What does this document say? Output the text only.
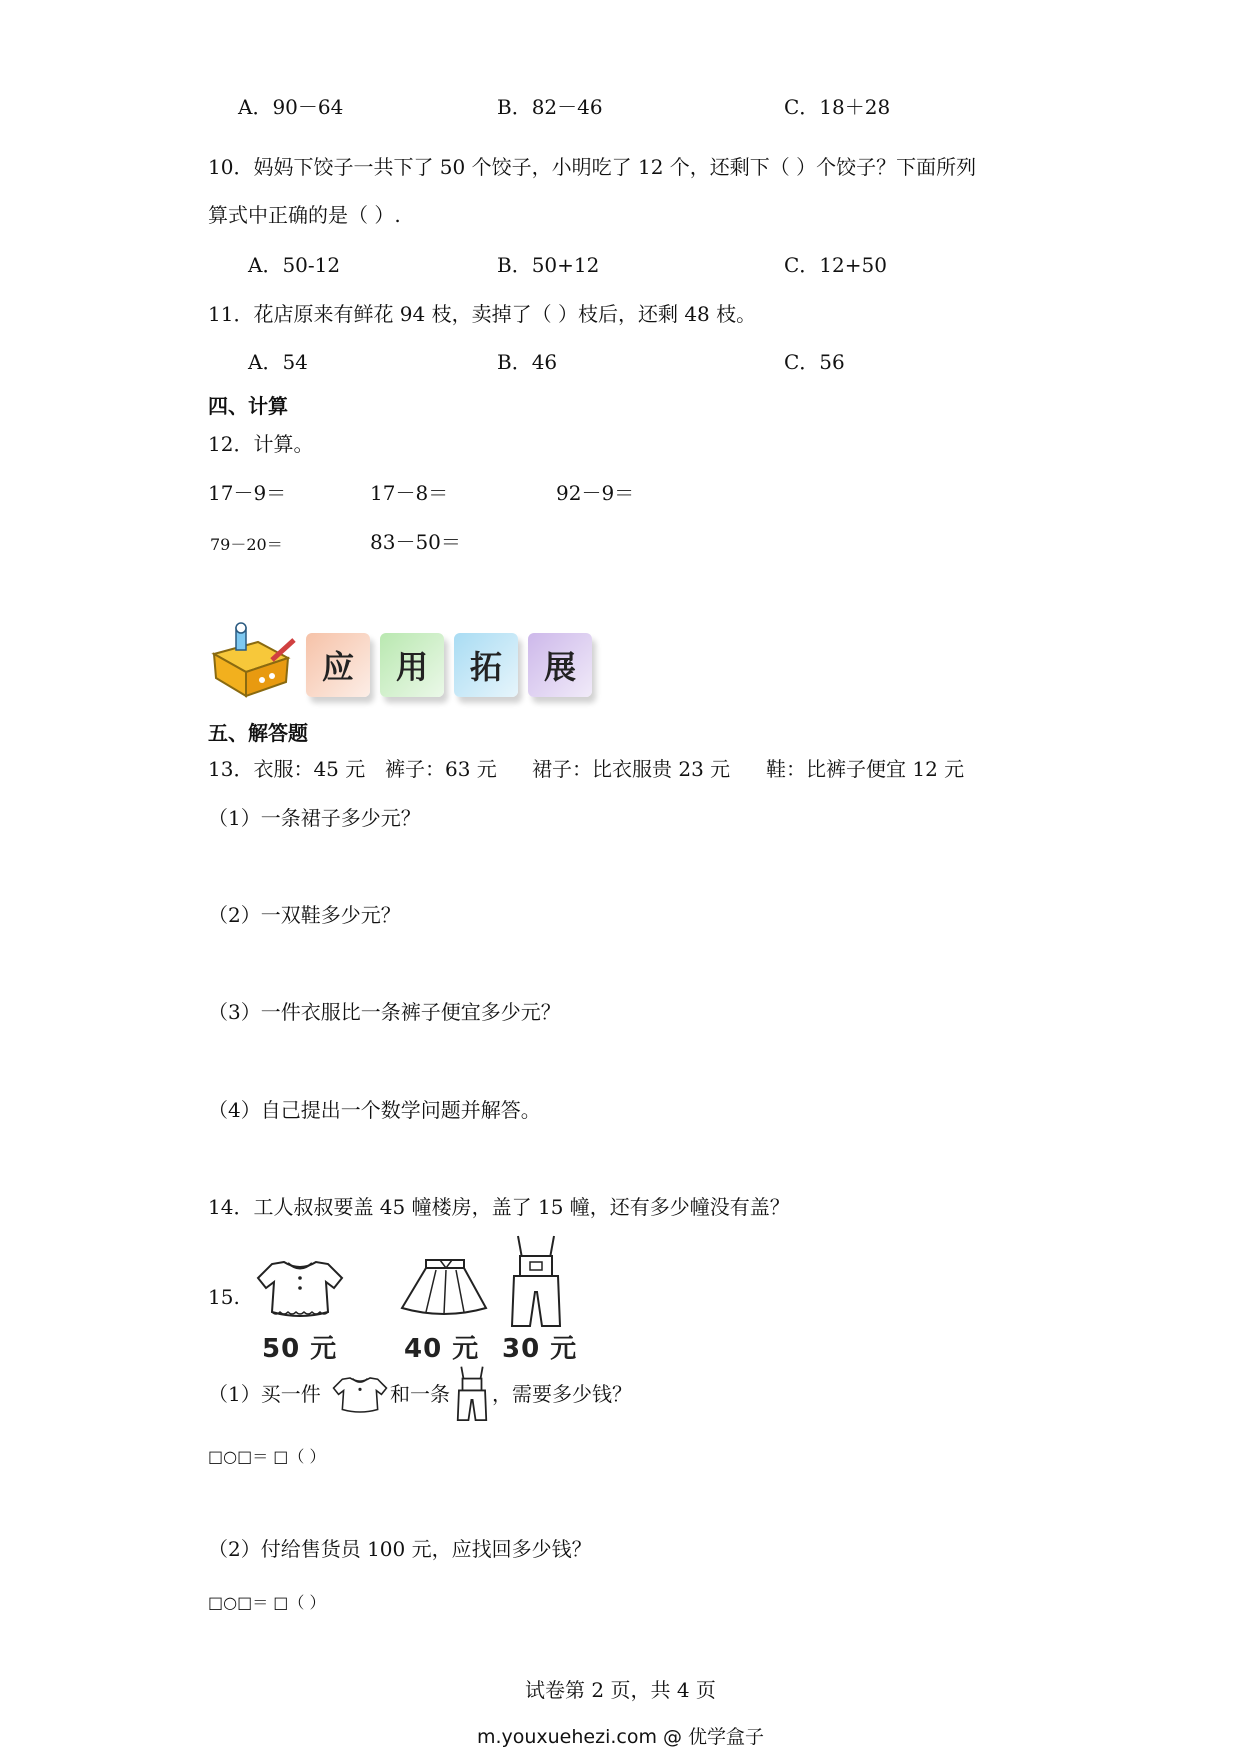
A．90－64	B．82－46	C．18＋28
10．妈妈下饺子一共下了 50 个饺子，小明吃了 12 个，还剩下（ ）个饺子？下面所列
算式中正确的是（ ）.
A．50-12	B．50+12	C．12+50
11．花店原来有鲜花 94 枝，卖掉了（ ）枝后，还剩 48 枝。
A．54	B．46	C．56
四、计算
12．计算。
17－9＝	17－8＝	92－9＝
79－20＝	83－50＝
应	用	拓	展
五、解答题
13．衣服：45 元 裤子：63 元 裙子：比衣服贵 23 元 鞋：比裤子便宜 12 元
（1）一条裙子多少元？
（2）一双鞋多少元？
（3）一件衣服比一条裤子便宜多少元？
（4）自己提出一个数学问题并解答。
14．工人叔叔要盖 45 幢楼房，盖了 15 幢，还有多少幢没有盖？
15.
50 元	40 元 30 元
（1）买一件	和一条 ，需要多少钱？
□○□＝ □（ ）
（2）付给售货员 100 元，应找回多少钱？
□○□＝ □（ ）
试卷第 2 页，共 4 页
m.youxuehezi.com @ 优学盒子
